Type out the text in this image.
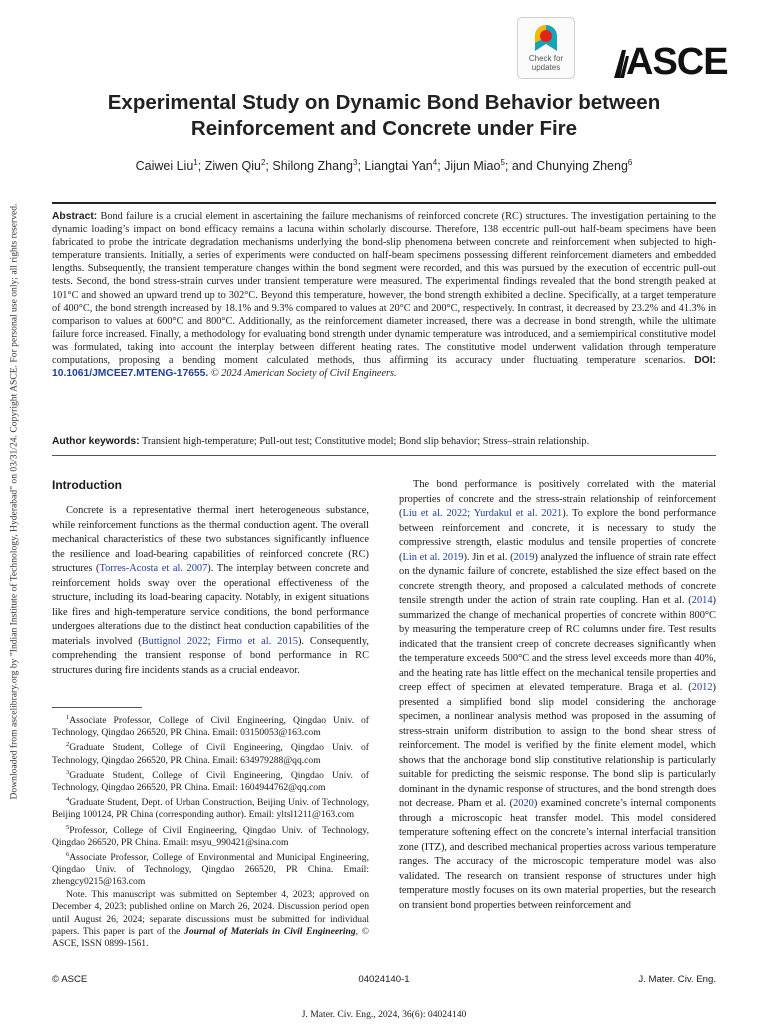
Downloaded from ascelibrary.org by "Indian Institute of Technology, Hyderabad" on 03/31/24. Copyright ASCE. For personal use only; all rights reserved.
Check for
updates	ASCE
Experimental Study on Dynamic Bond Behavior between
Reinforcement and Concrete under Fire
Caiwei Liu$^1$; Ziwen Qiu$^2$; Shilong Zhang$^3$; Liangtai Yan$^4$; Jijun Miao$^5$; and Chunying Zheng$^6$
Abstract: Bond failure is a crucial element in ascertaining the failure mechanisms of reinforced concrete (RC) structures. The investigation pertaining to the dynamic loading’s impact on bond efficacy remains a lacuna within scholarly discourse. Therefore, 138 eccentric pull-out half-beam specimens have been fabricated to probe the intricate degradation mechanisms underlying the bond-slip phenomena between concrete and reinforcement when subjected to high-temperature transients. Initially, a series of experiments were conducted on half-beam specimens possessing different reinforcement diameters and embedded lengths. Subsequently, the transient temperature changes within the bond segment were recorded, and this was pursued by the execution of eccentric pull-out tests. Second, the bond stress-strain curves under transient temperature were measured. The experimental findings revealed that the bond strength peaked at 101°C and showed an upward trend up to 302°C. Beyond this temperature, however, the bond strength exhibited a decline. Specifically, at a target temperature of 400°C, the bond strength increased by 18.1% and 9.3% compared to values at 20°C and 200°C, respectively. In contrast, it decreased by 23.2% and 41.3% in comparison to values at 600°C and 800°C. Additionally, as the reinforcement diameter increased, there was a decrease in bond strength, while the ultimate failure force increased. Finally, a methodology for evaluating bond strength under dynamic temperature was introduced, and a semiempirical constitutive model was formulated, taking into account the interplay between different heating rates. The constitutive model underwent validation through temperature computations, proposing a bending moment calculated methods, thus affirming its accuracy under fluctuating temperature scenarios. DOI: 10.1061/JMCEE7.MTENG-17655. © 2024 American Society of Civil Engineers.
Author keywords: Transient high-temperature; Pull-out test; Constitutive model; Bond slip behavior; Stress–strain relationship.
Introduction

Concrete is a representative thermal inert heterogeneous substance, while reinforcement functions as the thermal conduction agent. The overall mechanical characteristics of these two substances significantly influence the resilience and load-bearing capabilities of reinforced concrete (RC) structures (Torres-Acosta et al. 2007). The interplay between concrete and reinforcement holds sway over the operational effectiveness of the structure, including its load-bearing capacity. Notably, in exigent situations like fires and high-temperature service conditions, the bond performance undergoes alterations due to the distinct heat conduction capabilities of the materials involved (Buttignol 2022; Firmo et al. 2015). Consequently, comprehending the transient response of bond performance in RC structures during fire incidents stands as a crucial endeavor.

$^1$Associate Professor, College of Civil Engineering, Qingdao Univ. of Technology, Qingdao 266520, PR China. Email: 03150053@163.com

$^2$Graduate Student, College of Civil Engineering, Qingdao Univ. of Technology, Qingdao 266520, PR China. Email: 634979288@qq.com

$^3$Graduate Student, College of Civil Engineering, Qingdao Univ. of Technology, Qingdao 266520, PR China. Email: 1604944762@qq.com

$^4$Graduate Student, Dept. of Urban Construction, Beijing Univ. of Technology, Beijing 100124, PR China (corresponding author). Email: yltsl1211@163.com

$^5$Professor, College of Civil Engineering, Qingdao Univ. of Technology, Qingdao 266520, PR China. Email: msyu_990421@sina.com

$^6$Associate Professor, College of Environmental and Municipal Engineering, Qingdao Univ. of Technology, Qingdao 266520, PR China. Email: zhengcy0215@163.com

Note. This manuscript was submitted on September 4, 2023; approved on December 4, 2023; published online on March 26, 2024. Discussion period open until August 26, 2024; separate discussions must be submitted for individual papers. This paper is part of the Journal of Materials in Civil Engineering, © ASCE, ISSN 0899-1561.

The bond performance is positively correlated with the material properties of concrete and the stress-strain relationship of reinforcement (Liu et al. 2022; Yurdakul et al. 2021). To explore the bond performance between reinforcement and concrete, it is necessary to study the compressive strength, elastic modulus and tensile properties of concrete (Lin et al. 2019). Jin et al. (2019) analyzed the influence of strain rate effect on the dynamic failure of concrete, established the size effect based on the concrete strength theory, and proposed a calculated methods of concrete tensile strength under the action of strain rate coupling. Han et al. (2014) summarized the change of mechanical properties of concrete within 800°C by measuring the temperature creep of RC columns under fire. Test results indicated that the transient creep of concrete decreases significantly when the temperature exceeds 500°C and the stress level exceeds more than 40%, and the heating rate has little effect on the mechanical tensile properties and creep effect of specimen at elevated temperature. Braga et al. (2012) presented a simplified bond slip model considering the anchorage specimen, a nonlinear analysis method was proposed in the assuming of stress-strain uniform distribution to assign to the bond shear stress of reinforcement. The model is verified by the finite element model, which shows that the anchorage bond slip constitutive relationship is particularly suitable for predicting the seismic response. The bond slip is particularly dominant in the dynamic response of structures, and the bond strength does not decrease. Pham et al. (2020) examined concrete’s internal components through a microscopic heat transfer model. This model considered temperature softening effect on the concrete’s internal interfacial transition zone (ITZ), and described mechanical properties across various temperature ranges. The accuracy of the microscopic temperature model was also validated. The research on transient response of structures under high temperature mostly focuses on its own material properties, but the research on transient bond properties between reinforcement and

© ASCE	04024140-1	J. Mater. Civ. Eng.
J. Mater. Civ. Eng., 2024, 36(6): 04024140
